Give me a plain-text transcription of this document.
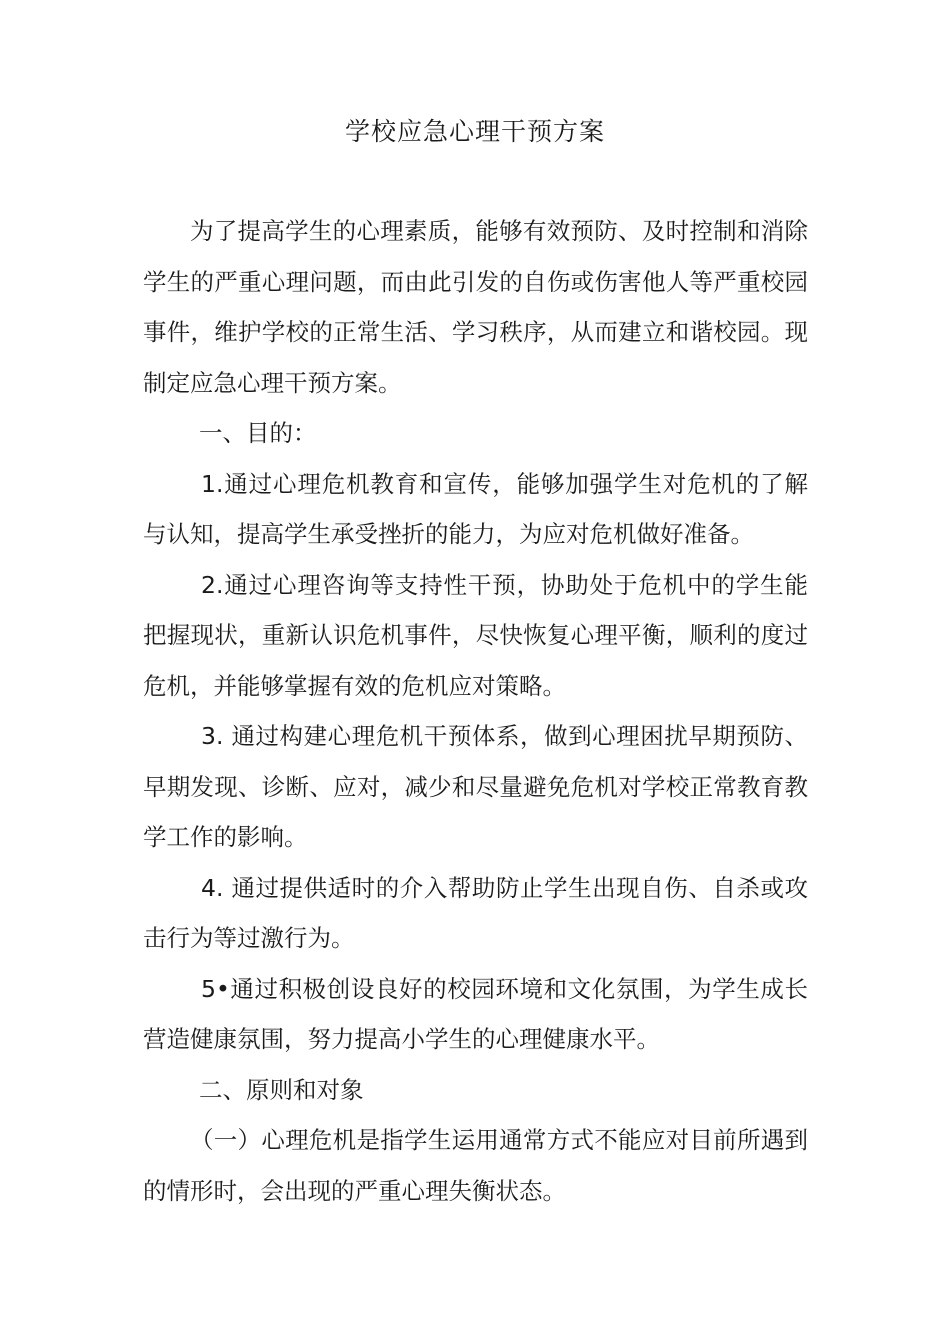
学校应急心理干预方案

为了提高学生的心理素质，能够有效预防、及时控制和消除学生的严重心理问题，而由此引发的自伤或伤害他人等严重校园事件，维护学校的正常生活、学习秩序，从而建立和谐校园。现制定应急心理干预方案。

一、目的：

1.通过心理危机教育和宣传，能够加强学生对危机的了解与认知，提高学生承受挫折的能力，为应对危机做好准备。

2.通过心理咨询等支持性干预，协助处于危机中的学生能把握现状，重新认识危机事件，尽快恢复心理平衡，顺利的度过危机，并能够掌握有效的危机应对策略。

3. 通过构建心理危机干预体系，做到心理困扰早期预防、早期发现、诊断、应对，减少和尽量避免危机对学校正常教育教学工作的影响。

4. 通过提供适时的介入帮助防止学生出现自伤、自杀或攻击行为等过激行为。

5•通过积极创设良好的校园环境和文化氛围，为学生成长营造健康氛围，努力提高小学生的心理健康水平。

二、原则和对象

（一）心理危机是指学生运用通常方式不能应对目前所遇到的情形时，会出现的严重心理失衡状态。
